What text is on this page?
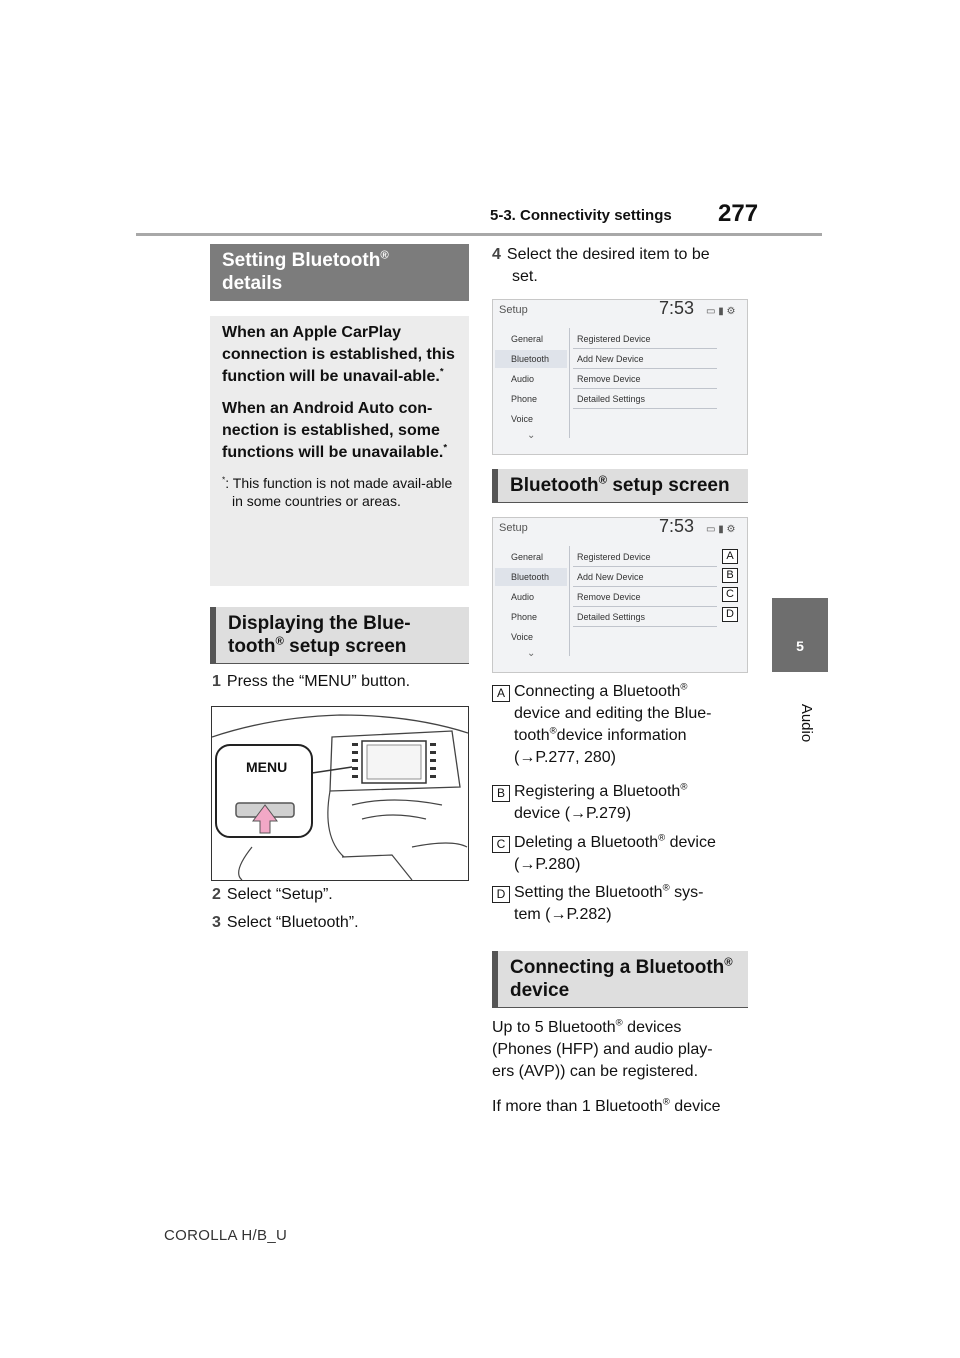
5-3. Connectivity settings 277
5
Audio
Setting Bluetooth®
details

When an Apple CarPlay connection is established, this function will be unavail-able.*

When an Android Auto con-nection is established, some functions will be unavailable.*

*: This function is not made avail-able in some countries or areas.
Displaying the Blue-
tooth® setup screen
1 Press the “MENU” button.
MENU
2 Select “Setup”.
3 Select “Bluetooth”.
4 Select the desired item to be
set.
Setup	7:53 ▭ ▮ ⚙
General
Bluetooth
Audio
Phone
Voice
⌄
Registered Device
Add New Device
Remove Device
Detailed Settings
Bluetooth® setup screen
Setup	7:53 ▭ ▮ ⚙
General
Bluetooth
Audio
Phone
Voice
⌄
Registered Device
Add New Device
Remove Device
Detailed Settings
A
B
C
D
A Connecting a Bluetooth®
device and editing the Blue-
tooth®device information
(→P.277, 280)
B Registering a Bluetooth®
device (→P.279)
C Deleting a Bluetooth® device
(→P.280)
D Setting the Bluetooth® sys-
tem (→P.282)
Connecting a Bluetooth®
device
Up to 5 Bluetooth® devices
(Phones (HFP) and audio play-
ers (AVP)) can be registered.
If more than 1 Bluetooth® device
COROLLA H/B_U
